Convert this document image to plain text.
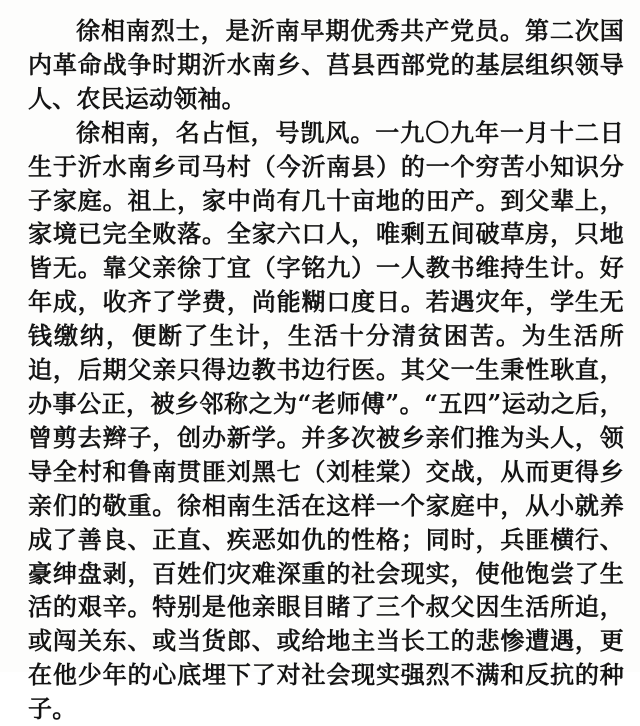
徐相南烈士，是沂南早期优秀共产党员。第二次国内革命战争时期沂水南乡、莒县西部党的基层组织领导人、农民运动领袖。

徐相南，名占恒，号凯风。一九〇九年一月十二日生于沂水南乡司马村（今沂南县）的一个穷苦小知识分子家庭。祖上，家中尚有几十亩地的田产。到父辈上，家境已完全败落。全家六口人，唯剩五间破草房，只地皆无。靠父亲徐丁宜（字铭九）一人教书维持生计。好年成，收齐了学费，尚能糊口度日。若遇灾年，学生无钱缴纳，便断了生计，生活十分清贫困苦。为生活所迫，后期父亲只得边教书边行医。其父一生秉性耿直，办事公正，被乡邻称之为“老师傅”。“五四”运动之后，曾剪去辫子，创办新学。并多次被乡亲们推为头人，领导全村和鲁南贯匪刘黑七（刘桂棠）交战，从而更得乡亲们的敬重。徐相南生活在这样一个家庭中，从小就养成了善良、正直、疾恶如仇的性格；同时，兵匪横行、豪绅盘剥，百姓们灾难深重的社会现实，使他饱尝了生活的艰辛。特别是他亲眼目睹了三个叔父因生活所迫，或闯关东、或当货郎、或给地主当长工的悲惨遭遇，更在他少年的心底埋下了对社会现实强烈不满和反抗的种子。
